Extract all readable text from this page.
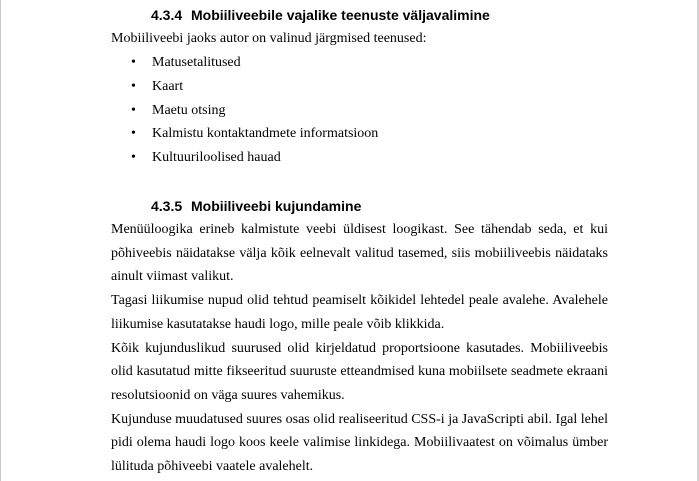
4.3.4 Mobiiliveebile vajalike teenuste väljavalimine

Mobiiliveebi jaoks autor on valinud järgmised teenused:

• Matusetalitused
• Kaart
• Maetu otsing
• Kalmistu kontaktandmete informatsioon
• Kultuuriloolised hauad
4.3.5 Mobiiliveebi kujundamine

Menüüloogika erineb kalmistute veebi üldisest loogikast. See tähendab seda, et kui põhiveebis näidatakse välja kõik eelnevalt valitud tasemed, siis mobiiliveebis näidataks ainult viimast valikut.

Tagasi liikumise nupud olid tehtud peamiselt kõikidel lehtedel peale avalehe. Avalehele liikumise kasutatakse haudi logo, mille peale võib klikkida.

Kõik kujunduslikud suurused olid kirjeldatud proportsioone kasutades. Mobiiliveebis olid kasutatud mitte fikseeritud suuruste etteandmised kuna mobiilsete seadmete ekraani resolutsioonid on väga suures vahemikus.

Kujunduse muudatused suures osas olid realiseeritud CSS-i ja JavaScripti abil. Igal lehel pidi olema haudi logo koos keele valimise linkidega. Mobiilivaatest on võimalus ümber lülituda põhiveebi vaatele avalehelt.
